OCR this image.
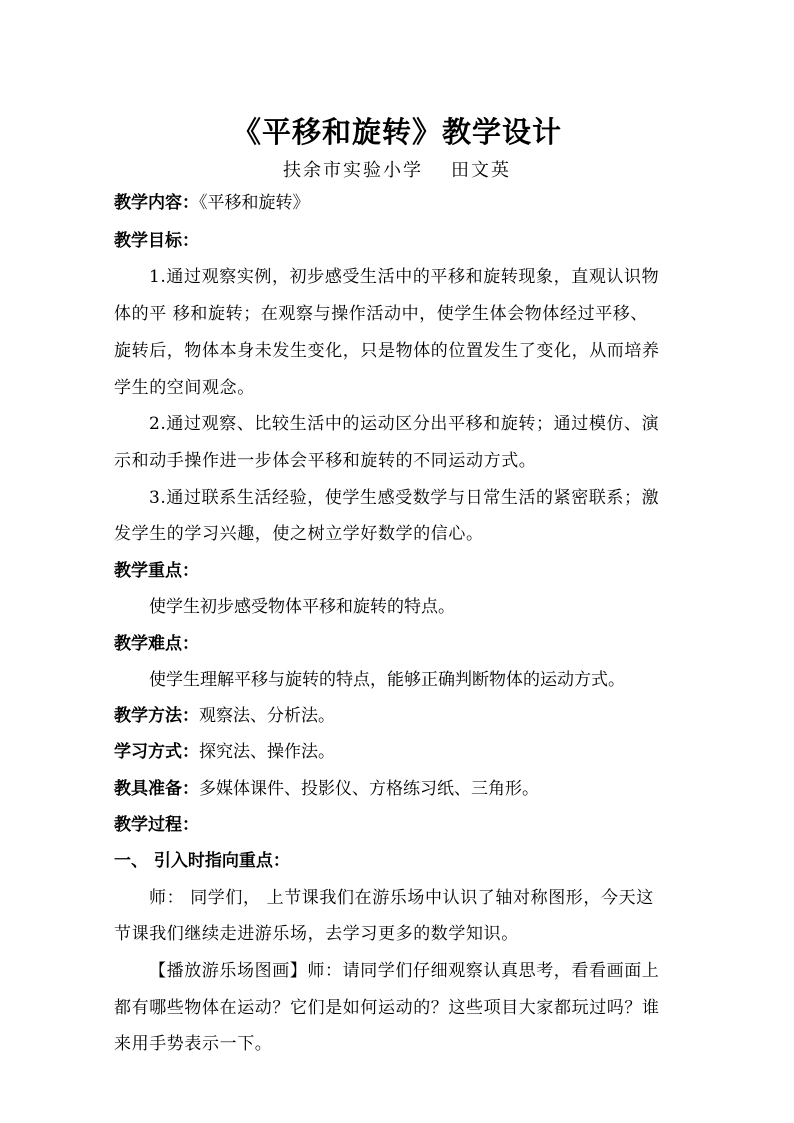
《平移和旋转》教学设计
扶余市实验小学 田文英
教学内容：《平移和旋转》
教学目标：
1.通过观察实例，初步感受生活中的平移和旋转现象，直观认识物
体的平 移和旋转；在观察与操作活动中，使学生体会物体经过平移、
旋转后，物体本身未发生变化，只是物体的位置发生了变化，从而培养
学生的空间观念。
2.通过观察、比较生活中的运动区分出平移和旋转；通过模仿、演
示和动手操作进一步体会平移和旋转的不同运动方式。
3.通过联系生活经验，使学生感受数学与日常生活的紧密联系；激
发学生的学习兴趣，使之树立学好数学的信心。
教学重点：
使学生初步感受物体平移和旋转的特点。
教学难点：
使学生理解平移与旋转的特点，能够正确判断物体的运动方式。
教学方法：观察法、分析法。
学习方式：探究法、操作法。
教具准备：多媒体课件、投影仪、方格练习纸、三角形。
教学过程：
一、 引入时指向重点：
师： 同学们， 上节课我们在游乐场中认识了轴对称图形，今天这
节课我们继续走进游乐场，去学习更多的数学知识。
【播放游乐场图画】师：请同学们仔细观察认真思考，看看画面上
都有哪些物体在运动？它们是如何运动的？这些项目大家都玩过吗？谁
来用手势表示一下。
